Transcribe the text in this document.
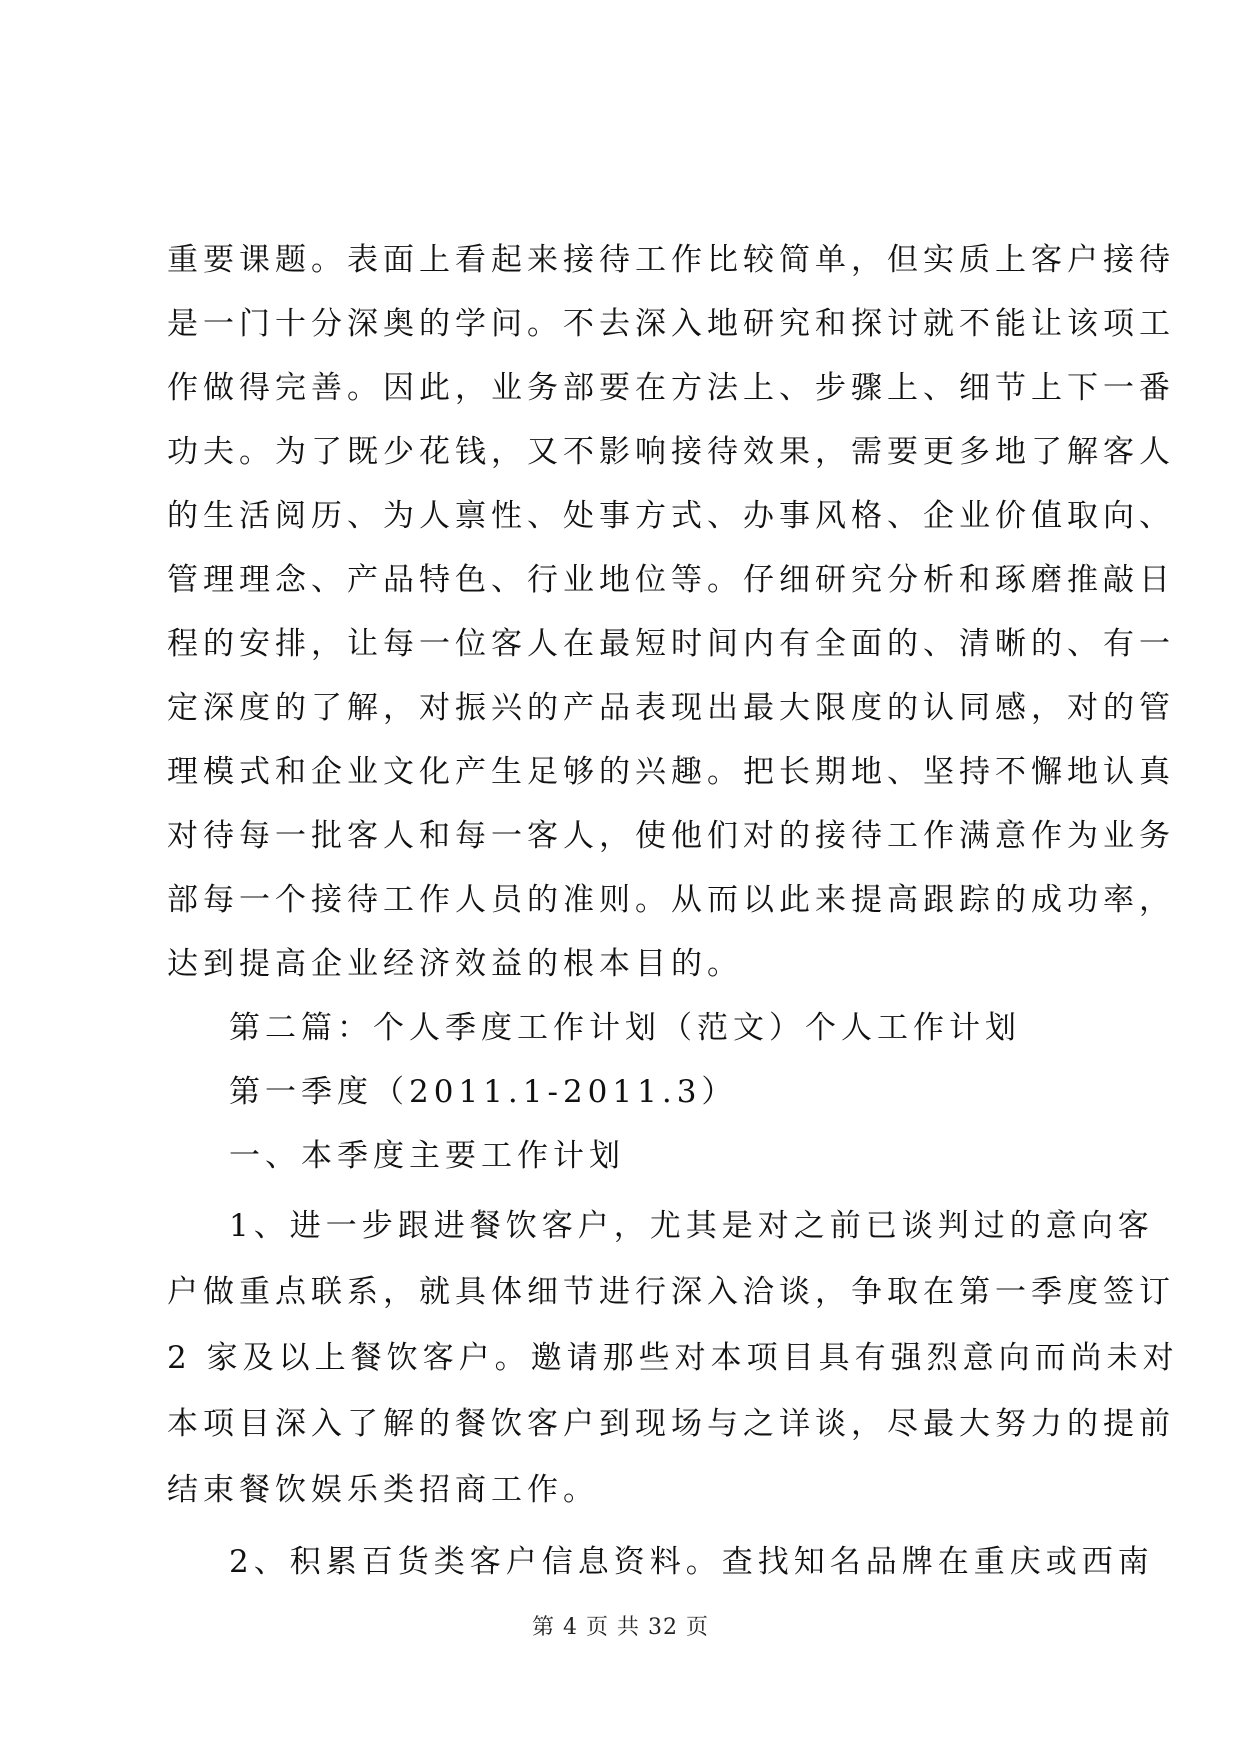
重要课题。表面上看起来接待工作比较简单，但实质上客户接待
是一门十分深奥的学问。不去深入地研究和探讨就不能让该项工
作做得完善。因此，业务部要在方法上、步骤上、细节上下一番
功夫。为了既少花钱，又不影响接待效果，需要更多地了解客人
的生活阅历、为人禀性、处事方式、办事风格、企业价值取向、
管理理念、产品特色、行业地位等。仔细研究分析和琢磨推敲日
程的安排，让每一位客人在最短时间内有全面的、清晰的、有一
定深度的了解，对振兴的产品表现出最大限度的认同感，对的管
理模式和企业文化产生足够的兴趣。把长期地、坚持不懈地认真
对待每一批客人和每一客人，使他们对的接待工作满意作为业务
部每一个接待工作人员的准则。从而以此来提高跟踪的成功率，
达到提高企业经济效益的根本目的。
第二篇：个人季度工作计划（范文）个人工作计划
第一季度（2011.1-2011.3）
一、本季度主要工作计划
1、进一步跟进餐饮客户，尤其是对之前已谈判过的意向客
户做重点联系，就具体细节进行深入洽谈，争取在第一季度签订
2 家及以上餐饮客户。邀请那些对本项目具有强烈意向而尚未对
本项目深入了解的餐饮客户到现场与之详谈，尽最大努力的提前
结束餐饮娱乐类招商工作。
2、积累百货类客户信息资料。查找知名品牌在重庆或西南
第 4 页 共 32 页
